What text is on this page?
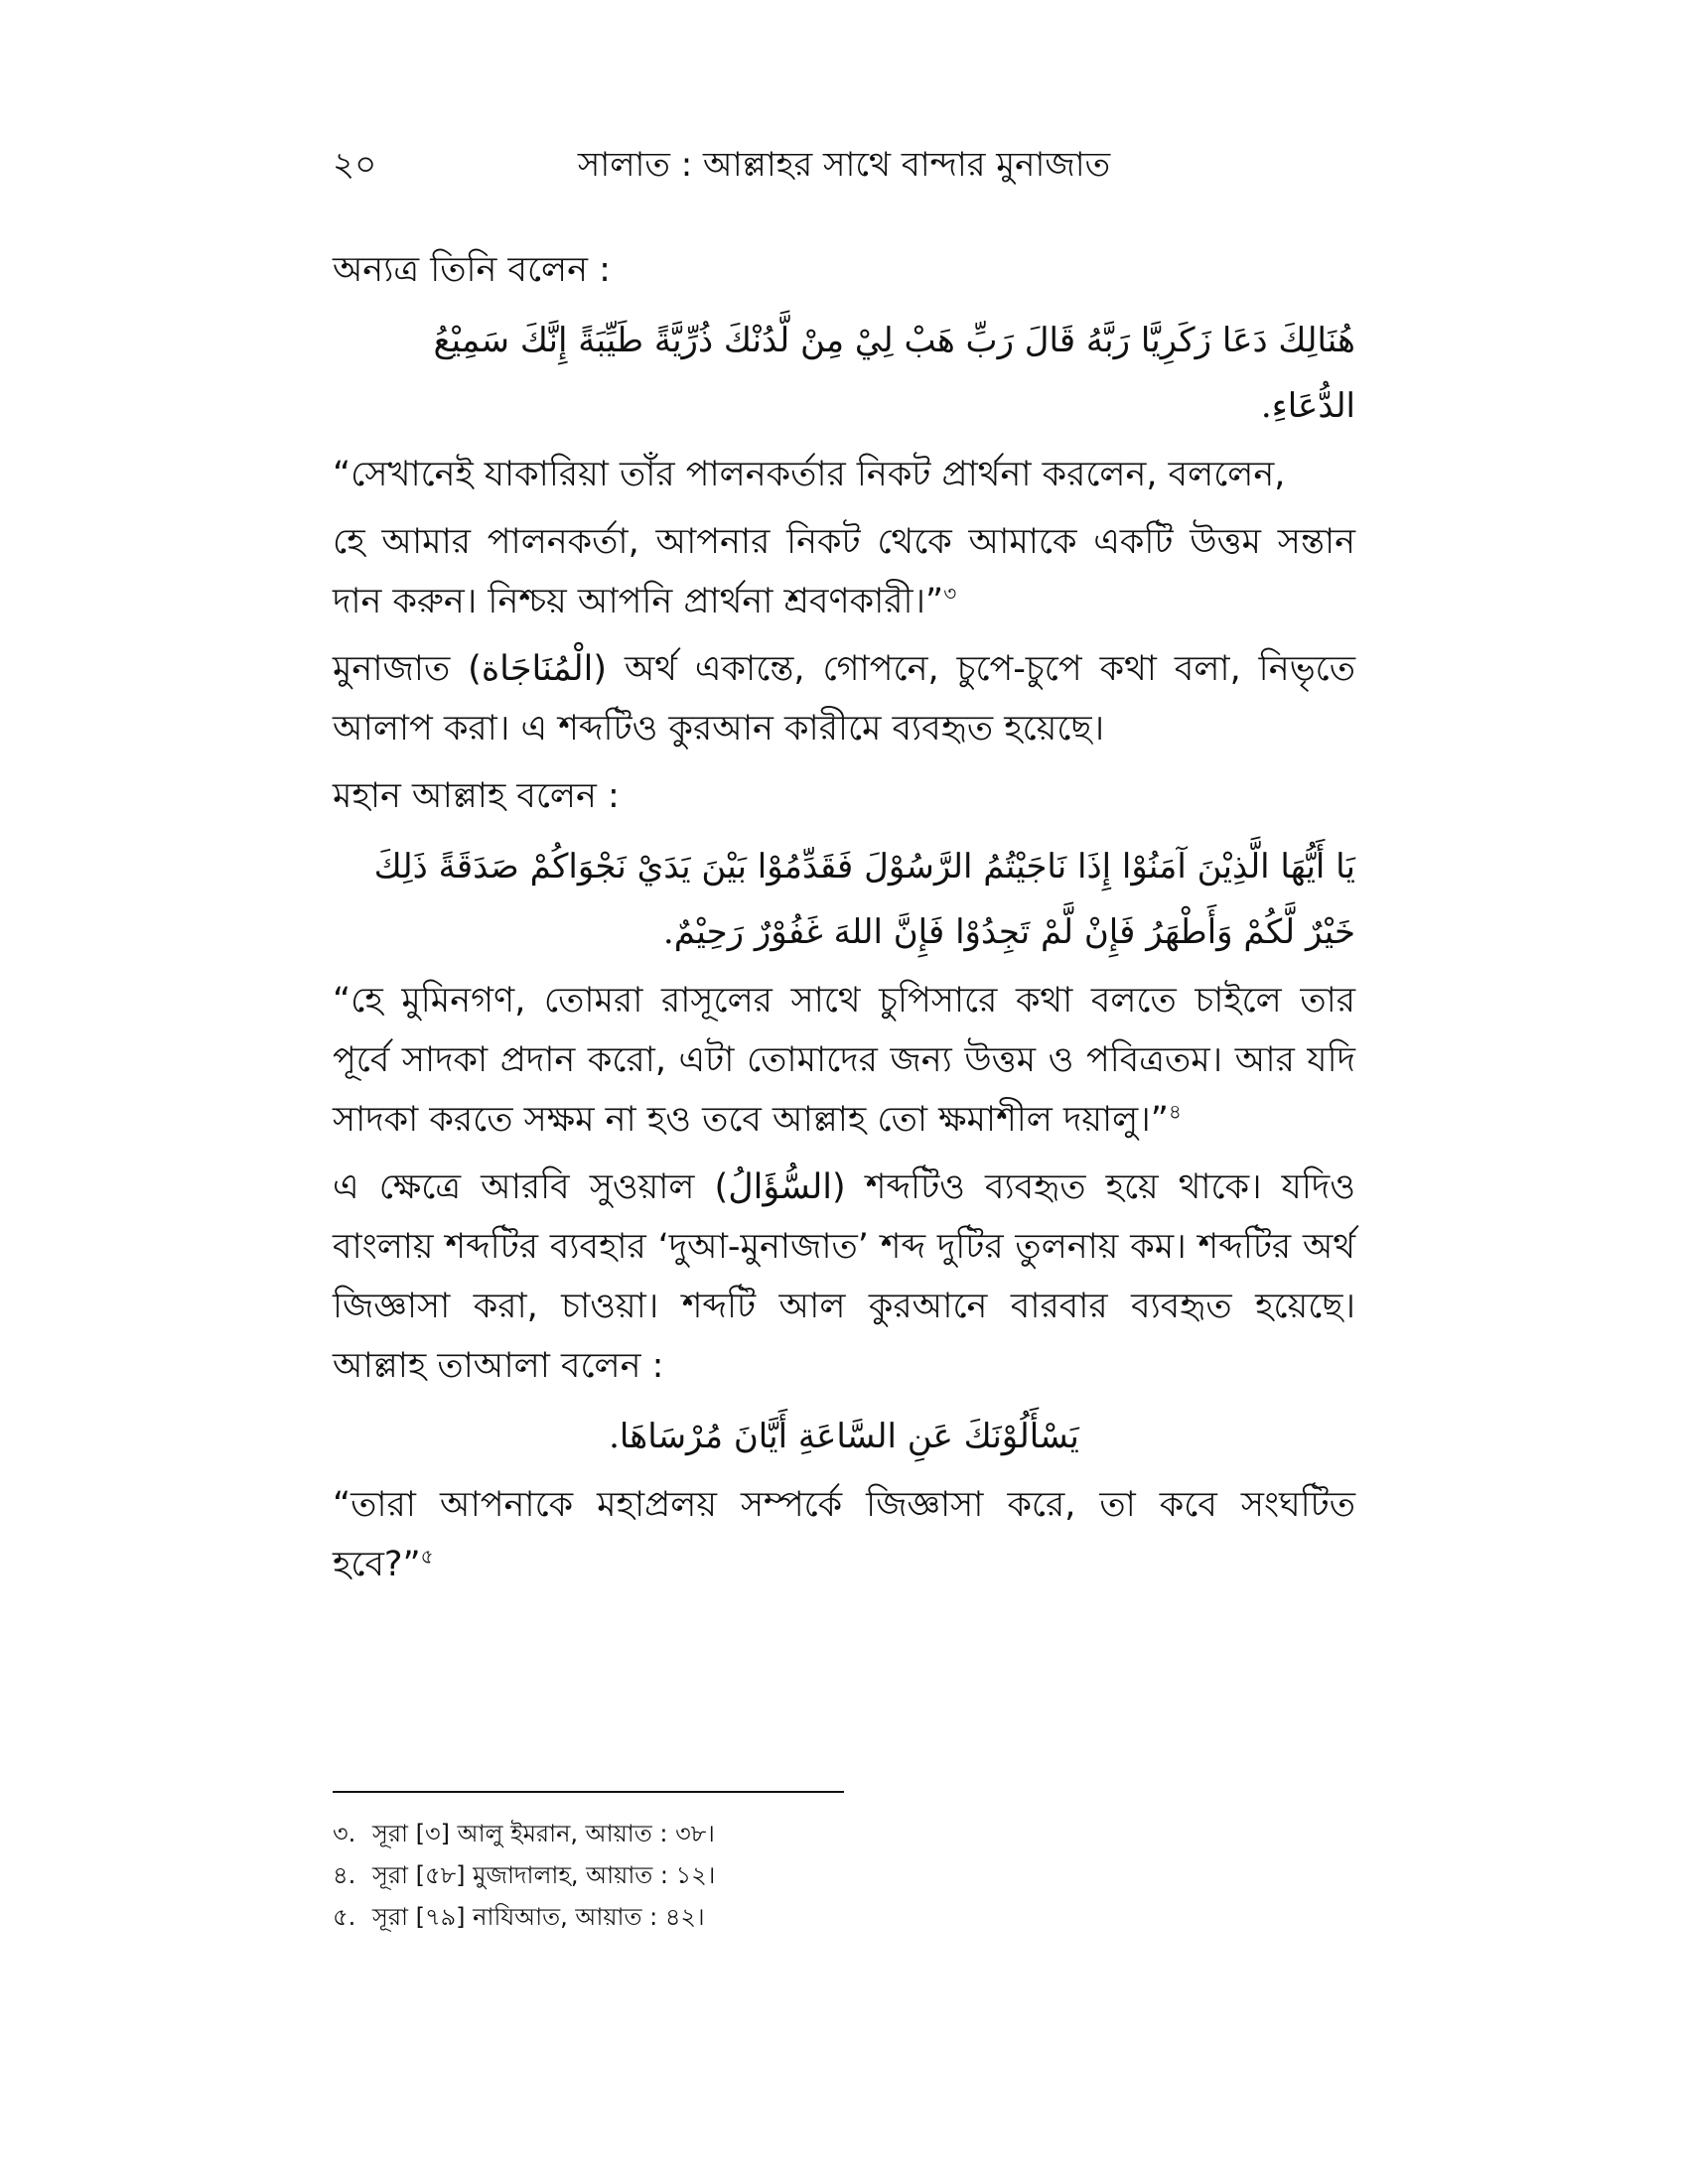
২০	সালাত : আল্লাহর সাথে বান্দার মুনাজাত

অন্যত্র তিনি বলেন :

هُنَالِكَ دَعَا زَكَرِيَّا رَبَّهُ قَالَ رَبِّ هَبْ لِيْ مِنْ لَّدُنْكَ ذُرِّيَّةً طَيِّبَةً إِنَّكَ سَمِيْعُ الدُّعَاءِ.

“সেখানেই যাকারিয়া তাঁর পালনকর্তার নিকট প্রার্থনা করলেন, বললেন,

হে আমার পালনকর্তা, আপনার নিকট থেকে আমাকে একটি উত্তম সন্তান দান করুন। নিশ্চয় আপনি প্রার্থনা শ্রবণকারী।”$^৩$

মুনাজাত (الْمُنَاجَاة) অর্থ একান্তে, গোপনে, চুপে-চুপে কথা বলা, নিভৃতে আলাপ করা। এ শব্দটিও কুরআন কারীমে ব্যবহৃত হয়েছে।

মহান আল্লাহ বলেন :

يَا أَيُّهَا الَّذِيْنَ آمَنُوْا إِذَا نَاجَيْتُمُ الرَّسُوْلَ فَقَدِّمُوْا بَيْنَ يَدَيْ نَجْوَاكُمْ صَدَقَةً ذَلِكَ خَيْرٌ لَّكُمْ وَأَطْهَرُ فَإِنْ لَّمْ تَجِدُوْا فَإِنَّ اللهَ غَفُوْرٌ رَحِيْمٌ.

“হে মুমিনগণ, তোমরা রাসূলের সাথে চুপিসারে কথা বলতে চাইলে তার পূর্বে সাদকা প্রদান করো, এটা তোমাদের জন্য উত্তম ও পবিত্রতম। আর যদি সাদকা করতে সক্ষম না হও তবে আল্লাহ তো ক্ষমাশীল দয়ালু।”$^৪$

এ ক্ষেত্রে আরবি সুওয়াল (السُّؤَالُ) শব্দটিও ব্যবহৃত হয়ে থাকে। যদিও বাংলায় শব্দটির ব্যবহার ‘দুআ-মুনাজাত’ শব্দ দুটির তুলনায় কম। শব্দটির অর্থ জিজ্ঞাসা করা, চাওয়া। শব্দটি আল কুরআনে বারবার ব্যবহৃত হয়েছে। আল্লাহ তাআলা বলেন :

يَسْأَلُوْنَكَ عَنِ السَّاعَةِ أَيَّانَ مُرْسَاهَا.

“তারা আপনাকে মহাপ্রলয় সম্পর্কে জিজ্ঞাসা করে, তা কবে সংঘটিত হবে?”$^৫$

৩. সূরা [৩] আলু ইমরান, আয়াত : ৩৮।

৪. সূরা [৫৮] মুজাদালাহ, আয়াত : ১২।

৫. সূরা [৭৯] নাযিআত, আয়াত : ৪২।
